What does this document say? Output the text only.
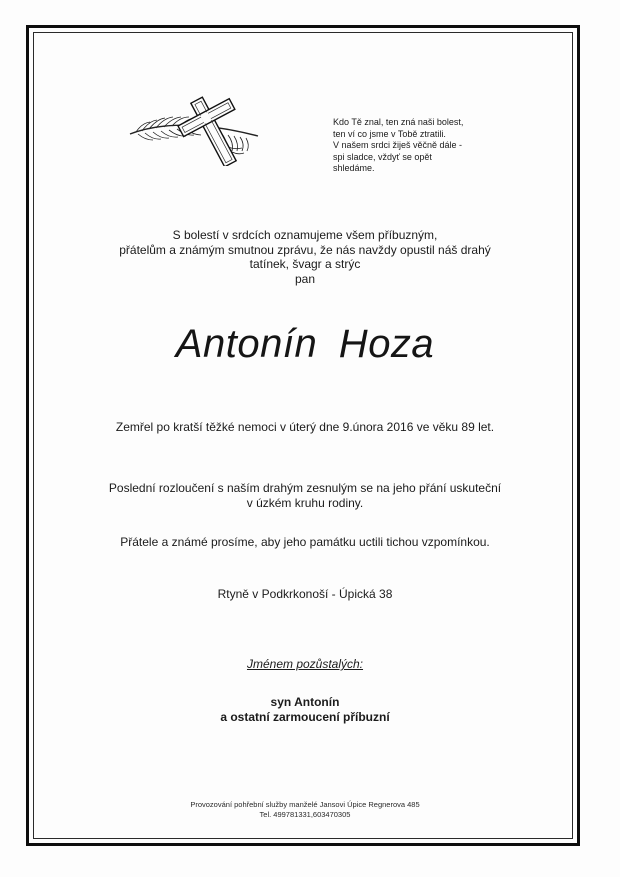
Kdo Tě znal, ten zná naši bolest,
ten ví co jsme v Tobě ztratili.
V našem srdci žiješ věčně dále -
spi sladce, vždyť se opět
shledáme.
S bolestí v srdcích oznamujeme všem příbuzným,
přátelům a známým smutnou zprávu, že nás navždy opustil náš drahý
tatínek, švagr a strýc
pan
Antonín Hoza
Zemřel po kratší těžké nemoci v úterý dne 9.února 2016 ve věku 89 let.
Poslední rozloučení s naším drahým zesnulým se na jeho přání uskuteční
v úzkém kruhu rodiny.
Přátele a známé prosíme, aby jeho památku uctili tichou vzpomínkou.
Rtyně v Podkrkonoší - Úpická 38
Jménem pozůstalých:
syn Antonín
a ostatní zarmoucení příbuzní
Provozování pohřební služby manželé Jansovi Úpice Regnerova 485
Tel. 499781331,603470305
